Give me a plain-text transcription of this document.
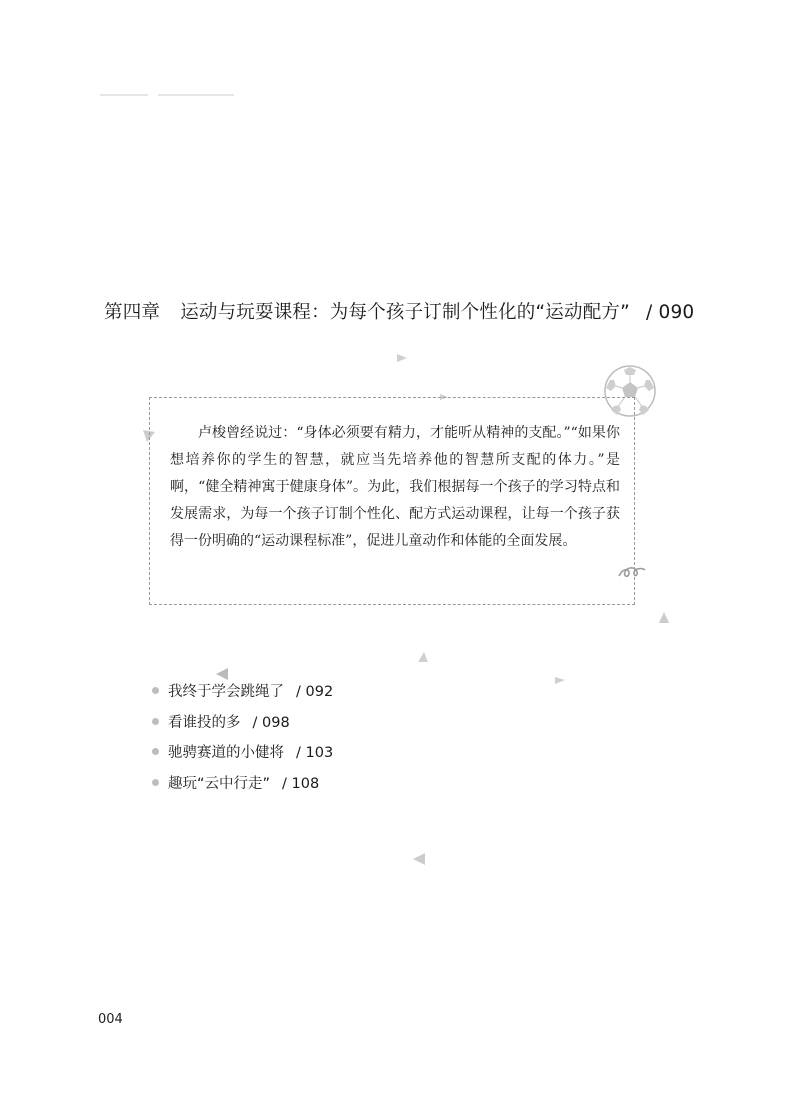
第四章 运动与玩耍课程：为每个孩子订制个性化的“运动配方” / 090

卢梭曾经说过：“身体必须要有精力，才能听从精神的支配。”“如果你想培养你的学生的智慧，就应当先培养他的智慧所支配的体力。”是啊，“健全精神寓于健康身体”。为此，我们根据每一个孩子的学习特点和发展需求，为每一个孩子订制个性化、配方式运动课程，让每一个孩子获得一份明确的“运动课程标准”，促进儿童动作和体能的全面发展。

我终于学会跳绳了 / 092
看谁投的多 / 098
驰骋赛道的小健将 / 103
趣玩“云中行走” / 108
004
